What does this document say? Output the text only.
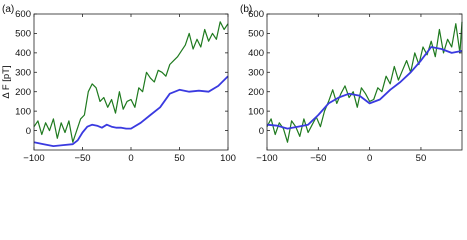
0
100
200
300
400
500
600
−100	−50	0	50	100
(a)
Δ F [pT]
0
100
200
300
400
500
600
−100	−50	0	50
(b)
